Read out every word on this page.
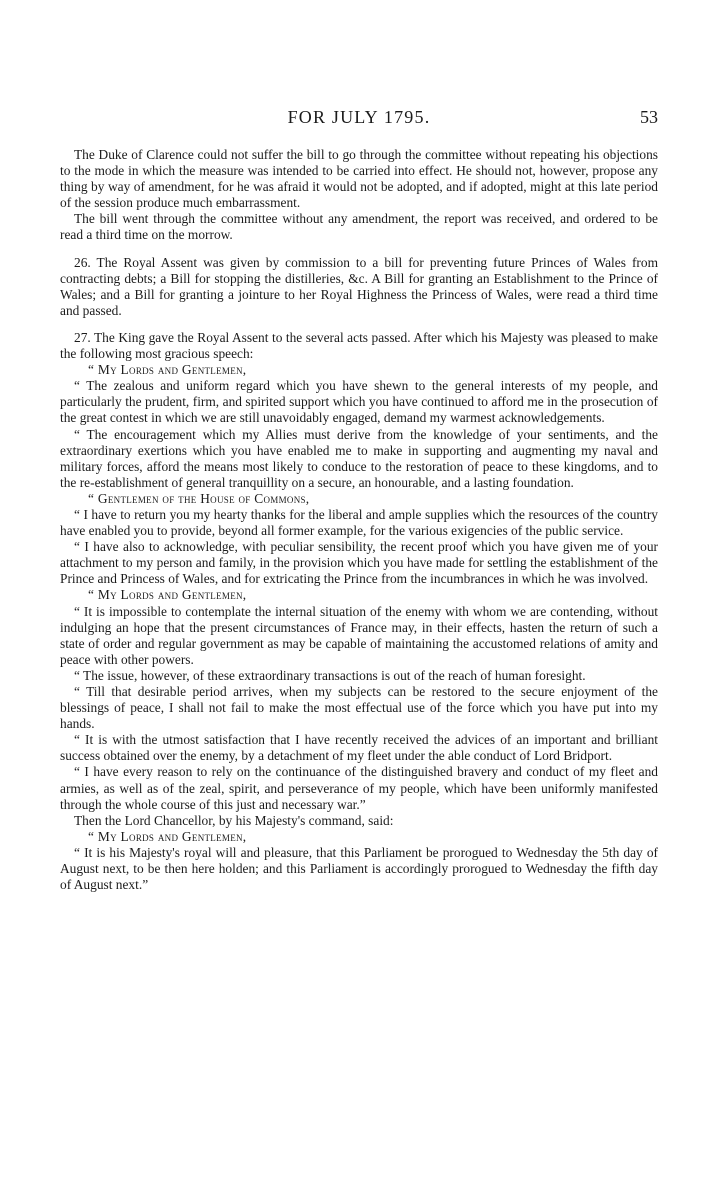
FOR JULY 1795.	53

The Duke of Clarence could not suffer the bill to go through the committee without repeating his objections to the mode in which the measure was intended to be carried into effect. He should not, however, propose any thing by way of amendment, for he was afraid it would not be adopted, and if adopted, might at this late period of the session produce much embarrassment.

The bill went through the committee without any amendment, the report was received, and ordered to be read a third time on the morrow.

26. The Royal Assent was given by commission to a bill for preventing future Princes of Wales from contracting debts; a Bill for stopping the distilleries, &c. A Bill for granting an Establishment to the Prince of Wales; and a Bill for granting a jointure to her Royal Highness the Princess of Wales, were read a third time and passed.

27. The King gave the Royal Assent to the several acts passed. After which his Majesty was pleased to make the following most gracious speech:

“ My Lords and Gentlemen,

“ The zealous and uniform regard which you have shewn to the general interests of my people, and particularly the prudent, firm, and spirited support which you have continued to afford me in the prosecution of the great contest in which we are still unavoidably engaged, demand my warmest acknowledgements.

“ The encouragement which my Allies must derive from the knowledge of your sentiments, and the extraordinary exertions which you have enabled me to make in supporting and augmenting my naval and military forces, afford the means most likely to conduce to the restoration of peace to these kingdoms, and to the re-establishment of general tranquillity on a secure, an honourable, and a lasting foundation.

“ Gentlemen of the House of Commons,

“ I have to return you my hearty thanks for the liberal and ample supplies which the resources of the country have enabled you to provide, beyond all former example, for the various exigencies of the public service.

“ I have also to acknowledge, with peculiar sensibility, the recent proof which you have given me of your attachment to my person and family, in the provision which you have made for settling the establishment of the Prince and Princess of Wales, and for extricating the Prince from the incumbrances in which he was involved.

“ My Lords and Gentlemen,

“ It is impossible to contemplate the internal situation of the enemy with whom we are contending, without indulging an hope that the present circumstances of France may, in their effects, hasten the return of such a state of order and regular government as may be capable of maintaining the accustomed relations of amity and peace with other powers.

“ The issue, however, of these extraordinary transactions is out of the reach of human foresight.

“ Till that desirable period arrives, when my subjects can be restored to the secure enjoyment of the blessings of peace, I shall not fail to make the most effectual use of the force which you have put into my hands.

“ It is with the utmost satisfaction that I have recently received the advices of an important and brilliant success obtained over the enemy, by a detachment of my fleet under the able conduct of Lord Bridport.

“ I have every reason to rely on the continuance of the distinguished bravery and conduct of my fleet and armies, as well as of the zeal, spirit, and perseverance of my people, which have been uniformly manifested through the whole course of this just and necessary war.”

Then the Lord Chancellor, by his Majesty's command, said:

“ My Lords and Gentlemen,

“ It is his Majesty's royal will and pleasure, that this Parliament be prorogued to Wednesday the 5th day of August next, to be then here holden; and this Parliament is accordingly prorogued to Wednesday the fifth day of August next.”
